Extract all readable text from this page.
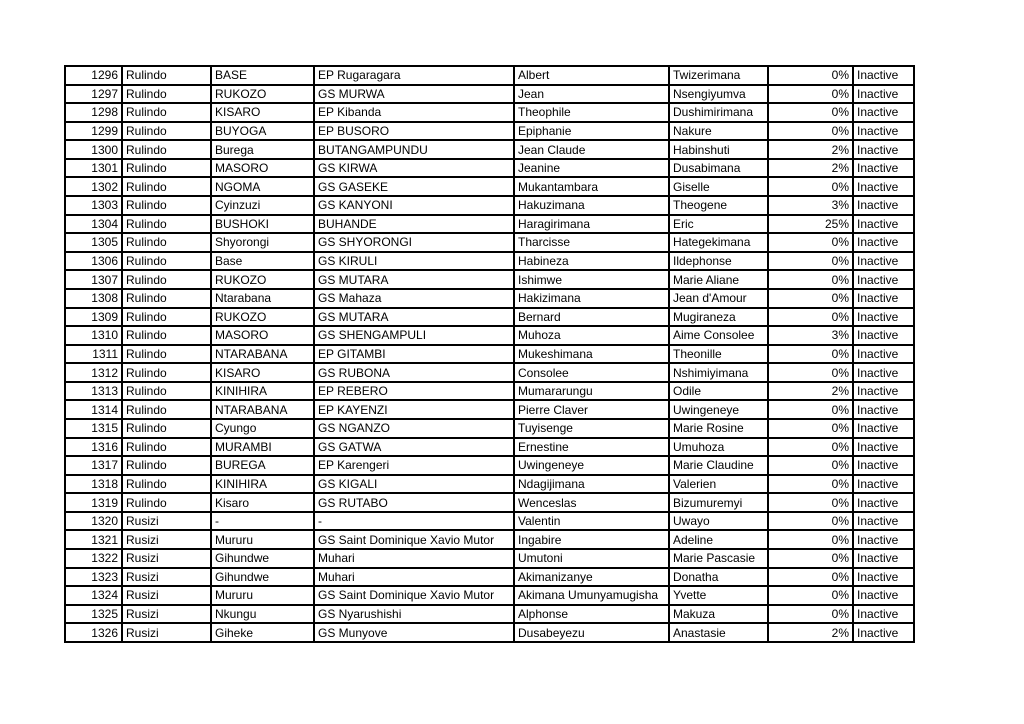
1296	Rulindo	BASE	EP Rugaragara	Albert	Twizerimana	0%	Inactive
1297	Rulindo	RUKOZO	GS MURWA	Jean	Nsengiyumva	0%	Inactive
1298	Rulindo	KISARO	EP Kibanda	Theophile	Dushimirimana	0%	Inactive
1299	Rulindo	BUYOGA	EP BUSORO	Epiphanie	Nakure	0%	Inactive
1300	Rulindo	Burega	BUTANGAMPUNDU	Jean Claude	Habinshuti	2%	Inactive
1301	Rulindo	MASORO	GS KIRWA	Jeanine	Dusabimana	2%	Inactive
1302	Rulindo	NGOMA	GS GASEKE	Mukantambara	Giselle	0%	Inactive
1303	Rulindo	Cyinzuzi	GS KANYONI	Hakuzimana	Theogene	3%	Inactive
1304	Rulindo	BUSHOKI	BUHANDE	Haragirimana	Eric	25%	Inactive
1305	Rulindo	Shyorongi	GS SHYORONGI	Tharcisse	Hategekimana	0%	Inactive
1306	Rulindo	Base	GS KIRULI	Habineza	Ildephonse	0%	Inactive
1307	Rulindo	RUKOZO	GS MUTARA	Ishimwe	Marie Aliane	0%	Inactive
1308	Rulindo	Ntarabana	GS Mahaza	Hakizimana	Jean d'Amour	0%	Inactive
1309	Rulindo	RUKOZO	GS MUTARA	Bernard	Mugiraneza	0%	Inactive
1310	Rulindo	MASORO	GS SHENGAMPULI	Muhoza	Aime Consolee	3%	Inactive
1311	Rulindo	NTARABANA	EP GITAMBI	Mukeshimana	Theonille	0%	Inactive
1312	Rulindo	KISARO	GS RUBONA	Consolee	Nshimiyimana	0%	Inactive
1313	Rulindo	KINIHIRA	EP REBERO	Mumararungu	Odile	2%	Inactive
1314	Rulindo	NTARABANA	EP KAYENZI	Pierre Claver	Uwingeneye	0%	Inactive
1315	Rulindo	Cyungo	GS NGANZO	Tuyisenge	Marie Rosine	0%	Inactive
1316	Rulindo	MURAMBI	GS GATWA	Ernestine	Umuhoza	0%	Inactive
1317	Rulindo	BUREGA	EP Karengeri	Uwingeneye	Marie Claudine	0%	Inactive
1318	Rulindo	KINIHIRA	GS KIGALI	Ndagijimana	Valerien	0%	Inactive
1319	Rulindo	Kisaro	GS RUTABO	Wenceslas	Bizumuremyi	0%	Inactive
1320	Rusizi	-	-	Valentin	Uwayo	0%	Inactive
1321	Rusizi	Mururu	GS Saint Dominique Xavio Mutor	Ingabire	Adeline	0%	Inactive
1322	Rusizi	Gihundwe	Muhari	Umutoni	Marie Pascasie	0%	Inactive
1323	Rusizi	Gihundwe	Muhari	Akimanizanye	Donatha	0%	Inactive
1324	Rusizi	Mururu	GS Saint Dominique Xavio Mutor	Akimana Umunyamugisha	Yvette	0%	Inactive
1325	Rusizi	Nkungu	GS Nyarushishi	Alphonse	Makuza	0%	Inactive
1326	Rusizi	Giheke	GS Munyove	Dusabeyezu	Anastasie	2%	Inactive
